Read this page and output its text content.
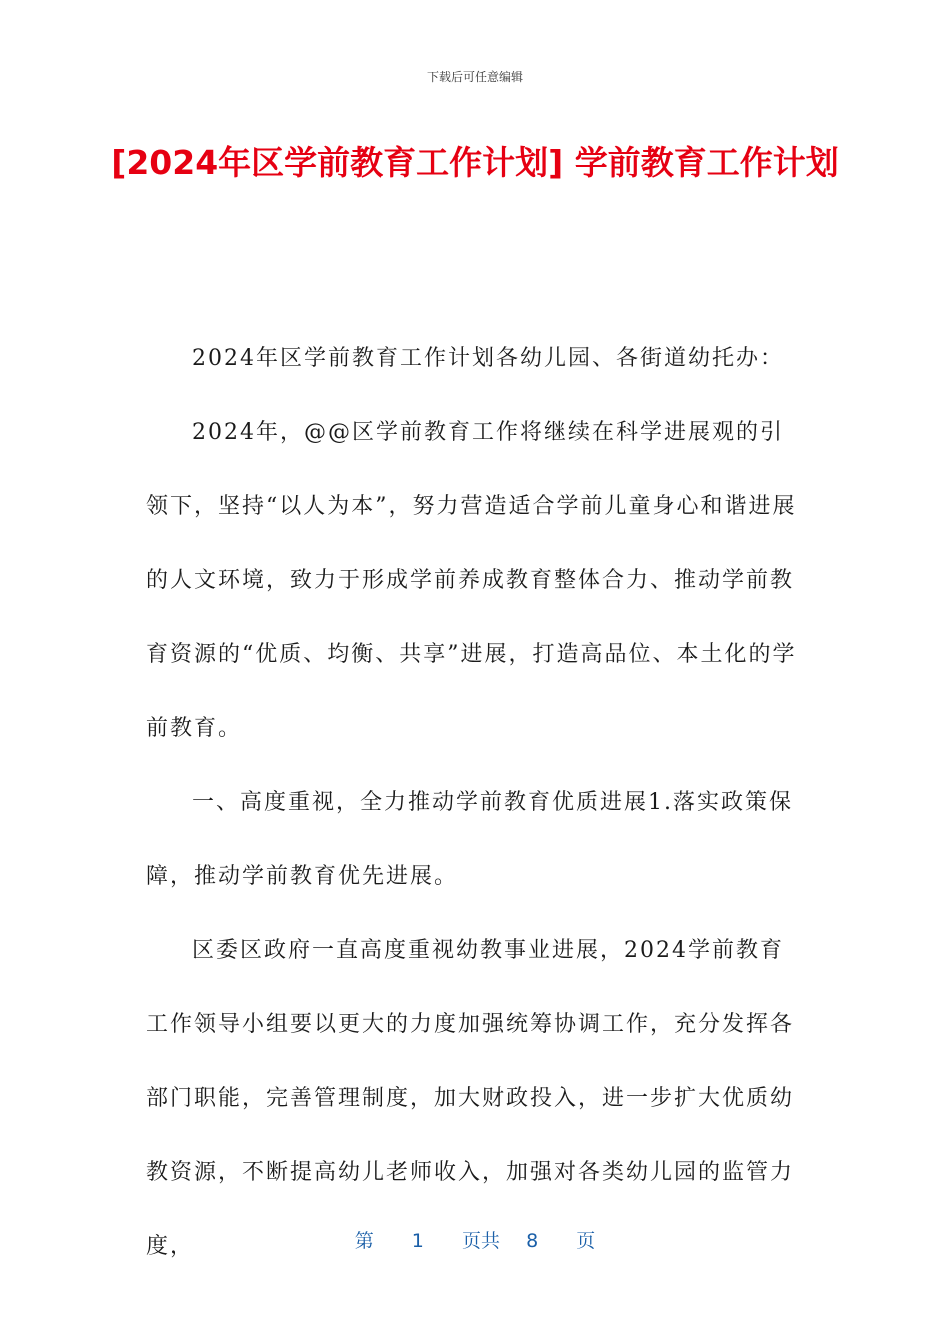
下载后可任意编辑
[2024年区学前教育工作计划] 学前教育工作计划

2024年区学前教育工作计划各幼儿园、各街道幼托办：

2024年，@@区学前教育工作将继续在科学进展观的引领下，坚持“以人为本”，努力营造适合学前儿童身心和谐进展的人文环境，致力于形成学前养成教育整体合力、推动学前教育资源的“优质、均衡、共享”进展，打造高品位、本土化的学前教育。

一、高度重视，全力推动学前教育优质进展1.落实政策保障，推动学前教育优先进展。

区委区政府一直高度重视幼教事业进展，2024学前教育工作领导小组要以更大的力度加强统筹协调工作，充分发挥各部门职能，完善管理制度，加大财政投入，进一步扩大优质幼教资源，不断提高幼儿老师收入，加强对各类幼儿园的监管力度，	第 1 页共 8 页
